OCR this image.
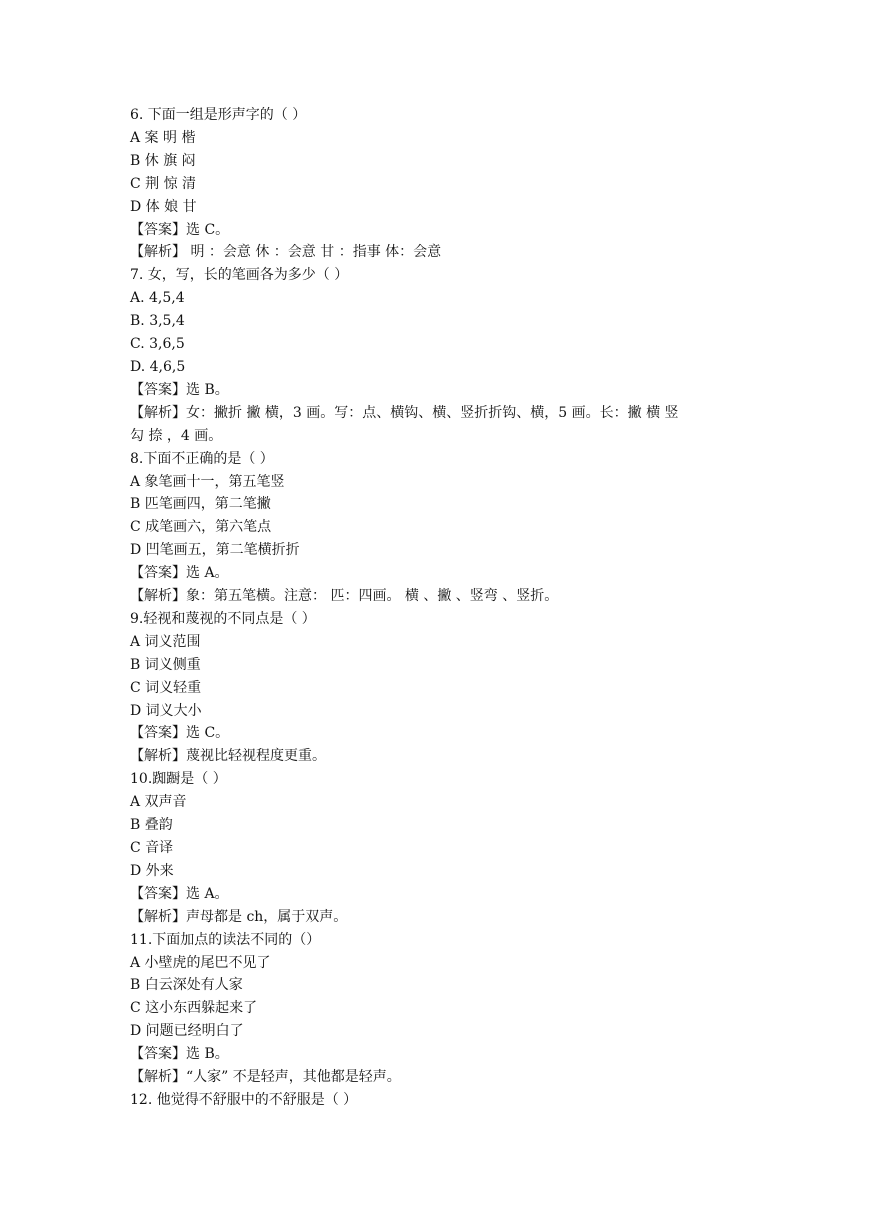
6. 下面一组是形声字的（ ）
A 案 明 楷
B 休 旗 闷
C 荆 惊 清
D 体 娘 甘
【答案】选 C。
【解析】 明 ：会意 休 ：会意 甘 ：指事 体：会意
7. 女，写，长的笔画各为多少（ ）
A. 4,5,4
B. 3,5,4
C. 3,6,5
D. 4,6,5
【答案】选 B。
【解析】女：撇折 撇 横，3 画。写：点、横钩、横、竖折折钩、横，5 画。长：撇 横 竖
勾 捺 ，4 画。
8.下面不正确的是（ ）
A 象笔画十一，第五笔竖
B 匹笔画四，第二笔撇
C 成笔画六，第六笔点
D 凹笔画五，第二笔横折折
【答案】选 A。
【解析】象：第五笔横。注意： 匹：四画。 横 、撇 、竖弯 、竖折。
9.轻视和蔑视的不同点是（ ）
A 词义范围
B 词义侧重
C 词义轻重
D 词义大小
【答案】选 C。
【解析】蔑视比轻视程度更重。
10.踟蹰是（ ）
A 双声音
B 叠韵
C 音译
D 外来
【答案】选 A。
【解析】声母都是 ch，属于双声。
11.下面加点的读法不同的（）
A 小壁虎的尾巴不见了
B 白云深处有人家
C 这小东西躲起来了
D 问题已经明白了
【答案】选 B。
【解析】“人家” 不是轻声，其他都是轻声。
12. 他觉得不舒服中的不舒服是（ ）
